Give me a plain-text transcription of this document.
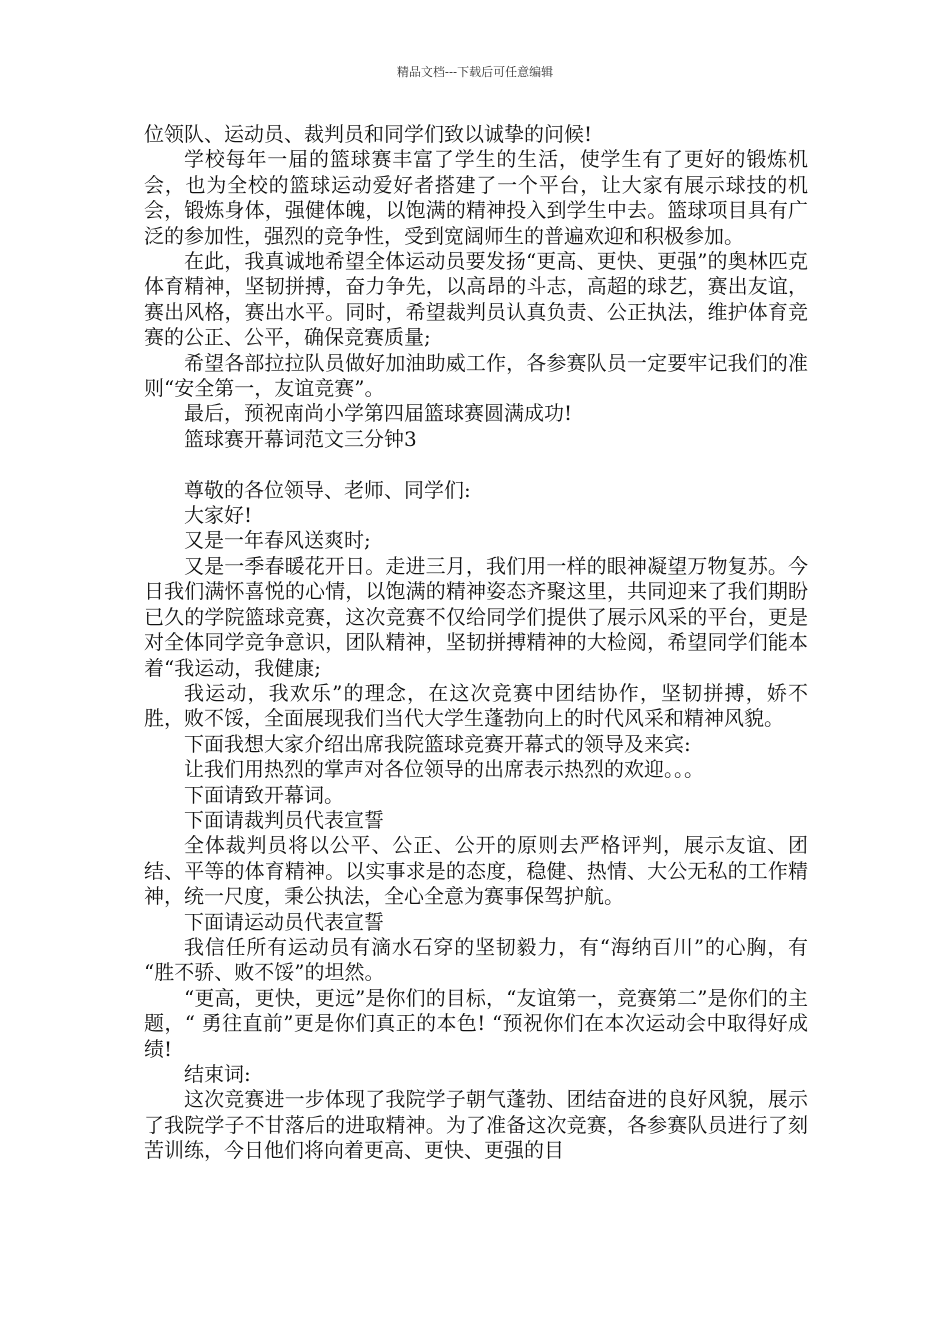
精品文档---下载后可任意编辑

位领队、运动员、裁判员和同学们致以诚挚的问候!

学校每年一届的篮球赛丰富了学生的生活，使学生有了更好的锻炼机会，也为全校的篮球运动爱好者搭建了一个平台，让大家有展示球技的机会，锻炼身体，强健体魄，以饱满的精神投入到学生中去。篮球项目具有广泛的参加性，强烈的竞争性，受到宽阔师生的普遍欢迎和积极参加。

在此，我真诚地希望全体运动员要发扬“更高、更快、更强”的奥林匹克体育精神，坚韧拼搏，奋力争先，以高昂的斗志，高超的球艺，赛出友谊，赛出风格，赛出水平。同时，希望裁判员认真负责、公正执法，维护体育竞赛的公正、公平，确保竞赛质量;

希望各部拉拉队员做好加油助威工作，各参赛队员一定要牢记我们的准则“安全第一，友谊竞赛”。

最后，预祝南尚小学第四届篮球赛圆满成功!

篮球赛开幕词范文三分钟3

尊敬的各位领导、老师、同学们:

大家好!

又是一年春风送爽时;

又是一季春暖花开日。走进三月，我们用一样的眼神凝望万物复苏。今日我们满怀喜悦的心情，以饱满的精神姿态齐聚这里，共同迎来了我们期盼已久的学院篮球竞赛，这次竞赛不仅给同学们提供了展示风采的平台，更是对全体同学竞争意识，团队精神，坚韧拼搏精神的大检阅，希望同学们能本着“我运动，我健康;

我运动，我欢乐”的理念，在这次竞赛中团结协作，坚韧拼搏，娇不胜，败不馁，全面展现我们当代大学生蓬勃向上的时代风采和精神风貌。

下面我想大家介绍出席我院篮球竞赛开幕式的领导及来宾:

让我们用热烈的掌声对各位领导的出席表示热烈的欢迎。。。

下面请致开幕词。

下面请裁判员代表宣誓

全体裁判员将以公平、公正、公开的原则去严格评判，展示友谊、团结、平等的体育精神。以实事求是的态度，稳健、热情、大公无私的工作精神，统一尺度，秉公执法，全心全意为赛事保驾护航。

下面请运动员代表宣誓

我信任所有运动员有滴水石穿的坚韧毅力，有“海纳百川”的心胸，有 “胜不骄、败不馁”的坦然。

“更高，更快，更远”是你们的目标，“友谊第一，竞赛第二”是你们的主题，“ 勇往直前”更是你们真正的本色! “预祝你们在本次运动会中取得好成绩!

结束词:

这次竞赛进一步体现了我院学子朝气蓬勃、团结奋进的良好风貌，展示了我院学子不甘落后的进取精神。为了准备这次竞赛，各参赛队员进行了刻苦训练，今日他们将向着更高、更快、更强的目
